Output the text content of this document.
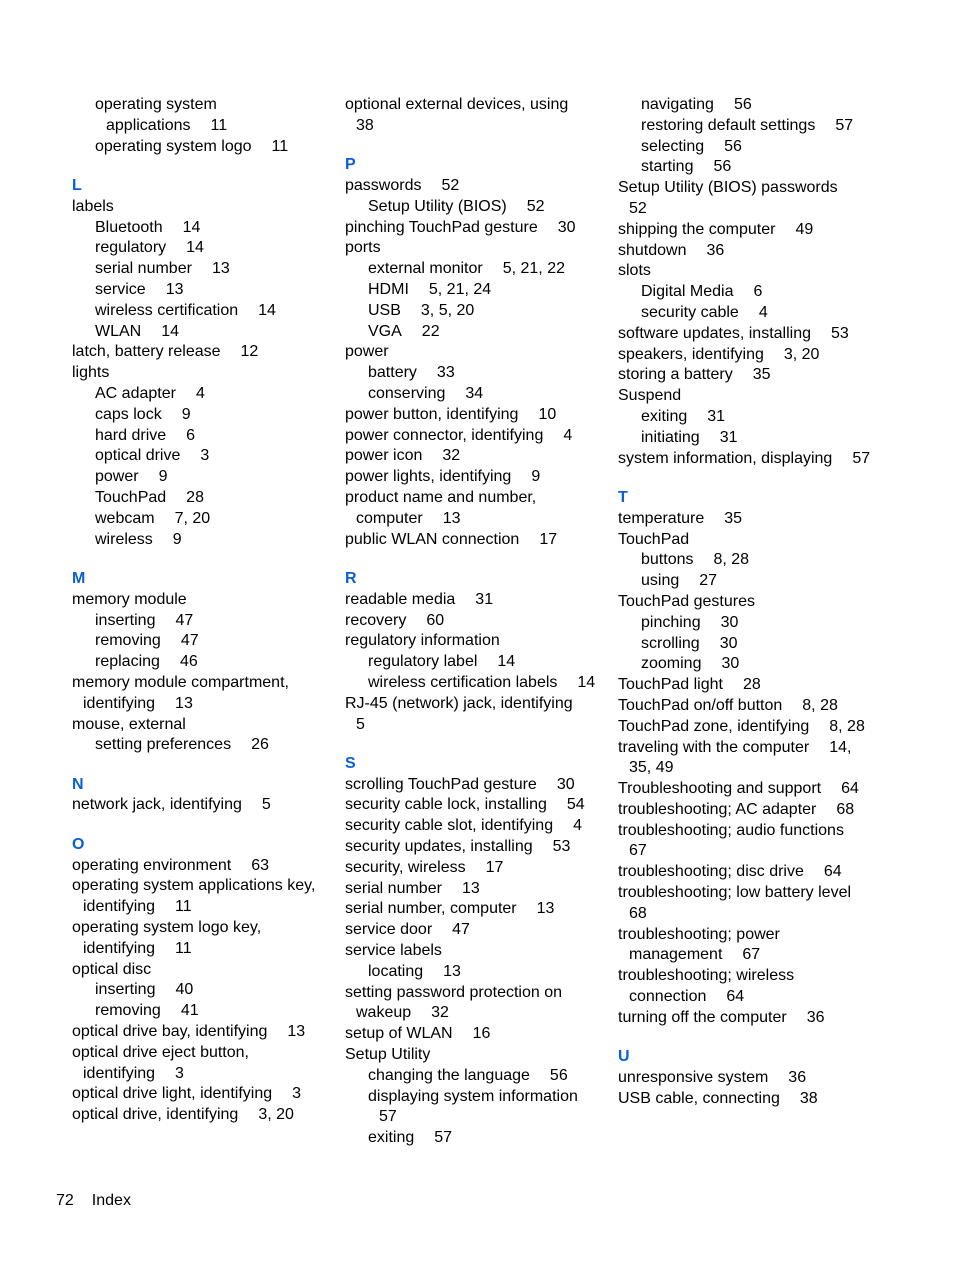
operating system
applications 11
operating system logo 11
L
labels
Bluetooth 14
regulatory 14
serial number 13
service 13
wireless certification 14
WLAN 14
latch, battery release 12
lights
AC adapter 4
caps lock 9
hard drive 6
optical drive 3
power 9
TouchPad 28
webcam 7, 20
wireless 9
M
memory module
inserting 47
removing 47
replacing 46
memory module compartment,
identifying 13
mouse, external
setting preferences 26
N
network jack, identifying 5
O
operating environment 63
operating system applications key,
identifying 11
operating system logo key,
identifying 11
optical disc
inserting 40
removing 41
optical drive bay, identifying 13
optical drive eject button,
identifying 3
optical drive light, identifying 3
optical drive, identifying 3, 20
optional external devices, using
38
P
passwords 52
Setup Utility (BIOS) 52
pinching TouchPad gesture 30
ports
external monitor 5, 21, 22
HDMI 5, 21, 24
USB 3, 5, 20
VGA 22
power
battery 33
conserving 34
power button, identifying 10
power connector, identifying 4
power icon 32
power lights, identifying 9
product name and number,
computer 13
public WLAN connection 17
R
readable media 31
recovery 60
regulatory information
regulatory label 14
wireless certification labels 14
RJ-45 (network) jack, identifying
5
S
scrolling TouchPad gesture 30
security cable lock, installing 54
security cable slot, identifying 4
security updates, installing 53
security, wireless 17
serial number 13
serial number, computer 13
service door 47
service labels
locating 13
setting password protection on
wakeup 32
setup of WLAN 16
Setup Utility
changing the language 56
displaying system information
57
exiting 57
navigating 56
restoring default settings 57
selecting 56
starting 56
Setup Utility (BIOS) passwords
52
shipping the computer 49
shutdown 36
slots
Digital Media 6
security cable 4
software updates, installing 53
speakers, identifying 3, 20
storing a battery 35
Suspend
exiting 31
initiating 31
system information, displaying 57
T
temperature 35
TouchPad
buttons 8, 28
using 27
TouchPad gestures
pinching 30
scrolling 30
zooming 30
TouchPad light 28
TouchPad on/off button 8, 28
TouchPad zone, identifying 8, 28
traveling with the computer 14,
35, 49
Troubleshooting and support 64
troubleshooting; AC adapter 68
troubleshooting; audio functions
67
troubleshooting; disc drive 64
troubleshooting; low battery level
68
troubleshooting; power
management 67
troubleshooting; wireless
connection 64
turning off the computer 36
U
unresponsive system 36
USB cable, connecting 38
72 Index
